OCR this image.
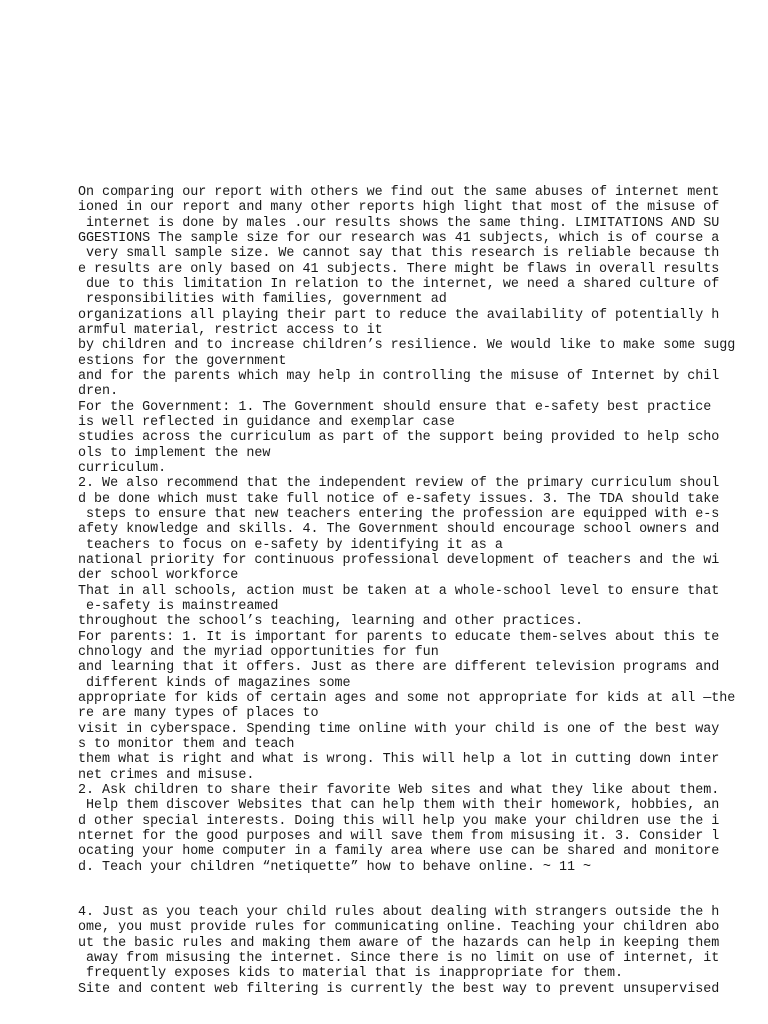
On comparing our report with others we find out the same abuses of internet ment

ioned in our report and many other reports high light that most of the misuse of

internet is done by males .our results shows the same thing. LIMITATIONS AND SU

GGESTIONS The sample size for our research was 41 subjects, which is of course a

very small sample size. We cannot say that this research is reliable because th

e results are only based on 41 subjects. There might be flaws in overall results

due to this limitation In relation to the internet, we need a shared culture of

responsibilities with families, government ad

organizations all playing their part to reduce the availability of potentially h

armful material, restrict access to it

by children and to increase children’s resilience. We would like to make some sugg

estions for the government

and for the parents which may help in controlling the misuse of Internet by chil

dren.

For the Government: 1. The Government should ensure that e-safety best practice

is well reflected in guidance and exemplar case

studies across the curriculum as part of the support being provided to help scho

ols to implement the new

curriculum.

2. We also recommend that the independent review of the primary curriculum shoul

d be done which must take full notice of e-safety issues. 3. The TDA should take

steps to ensure that new teachers entering the profession are equipped with e-s

afety knowledge and skills. 4. The Government should encourage school owners and

teachers to focus on e-safety by identifying it as a

national priority for continuous professional development of teachers and the wi

der school workforce

That in all schools, action must be taken at a whole-school level to ensure that

e-safety is mainstreamed

throughout the school’s teaching, learning and other practices.

For parents: 1. It is important for parents to educate them-selves about this te

chnology and the myriad opportunities for fun

and learning that it offers. Just as there are different television programs and

different kinds of magazines some

appropriate for kids of certain ages and some not appropriate for kids at all —the

re are many types of places to

visit in cyberspace. Spending time online with your child is one of the best way

s to monitor them and teach

them what is right and what is wrong. This will help a lot in cutting down inter

net crimes and misuse.

2. Ask children to share their favorite Web sites and what they like about them.

Help them discover Websites that can help them with their homework, hobbies, an

d other special interests. Doing this will help you make your children use the i

nternet for the good purposes and will save them from misusing it. 3. Consider l

ocating your home computer in a family area where use can be shared and monitore

d. Teach your children “netiquette” how to behave online. ~ 11 ~

4. Just as you teach your child rules about dealing with strangers outside the h

ome, you must provide rules for communicating online. Teaching your children abo

ut the basic rules and making them aware of the hazards can help in keeping them

away from misusing the internet. Since there is no limit on use of internet, it

frequently exposes kids to material that is inappropriate for them.

Site and content web filtering is currently the best way to prevent unsupervised
